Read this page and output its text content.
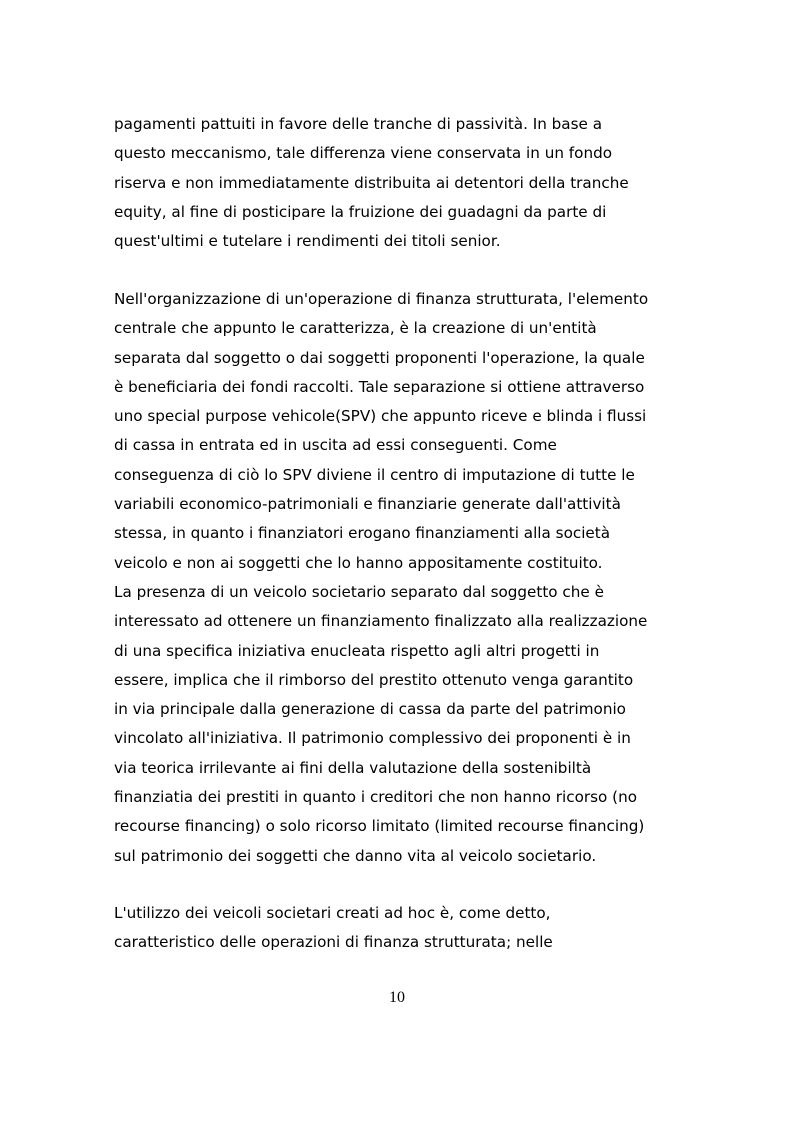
pagamenti pattuiti in favore delle tranche di passività. In base a
questo meccanismo, tale differenza viene conservata in un fondo
riserva e non immediatamente distribuita ai detentori della tranche
equity, al fine di posticipare la fruizione dei guadagni da parte di
quest'ultimi e tutelare i rendimenti dei titoli senior.
Nell'organizzazione di un'operazione di finanza strutturata, l'elemento
centrale che appunto le caratterizza, è la creazione di un'entità
separata dal soggetto o dai soggetti proponenti l'operazione, la quale
è beneficiaria dei fondi raccolti. Tale separazione si ottiene attraverso
uno special purpose vehicole(SPV) che appunto riceve e blinda i flussi
di cassa in entrata ed in uscita ad essi conseguenti. Come
conseguenza di ciò lo SPV diviene il centro di imputazione di tutte le
variabili economico-patrimoniali e finanziarie generate dall'attività
stessa, in quanto i finanziatori erogano finanziamenti alla società
veicolo e non ai soggetti che lo hanno appositamente costituito.
La presenza di un veicolo societario separato dal soggetto che è
interessato ad ottenere un finanziamento finalizzato alla realizzazione
di una specifica iniziativa enucleata rispetto agli altri progetti in
essere, implica che il rimborso del prestito ottenuto venga garantito
in via principale dalla generazione di cassa da parte del patrimonio
vincolato all'iniziativa. Il patrimonio complessivo dei proponenti è in
via teorica irrilevante ai fini della valutazione della sostenibiltà
finanziatia dei prestiti in quanto i creditori che non hanno ricorso (no
recourse financing) o solo ricorso limitato (limited recourse financing)
sul patrimonio dei soggetti che danno vita al veicolo societario.
L'utilizzo dei veicoli societari creati ad hoc è, come detto,
caratteristico delle operazioni di finanza strutturata; nelle
10
